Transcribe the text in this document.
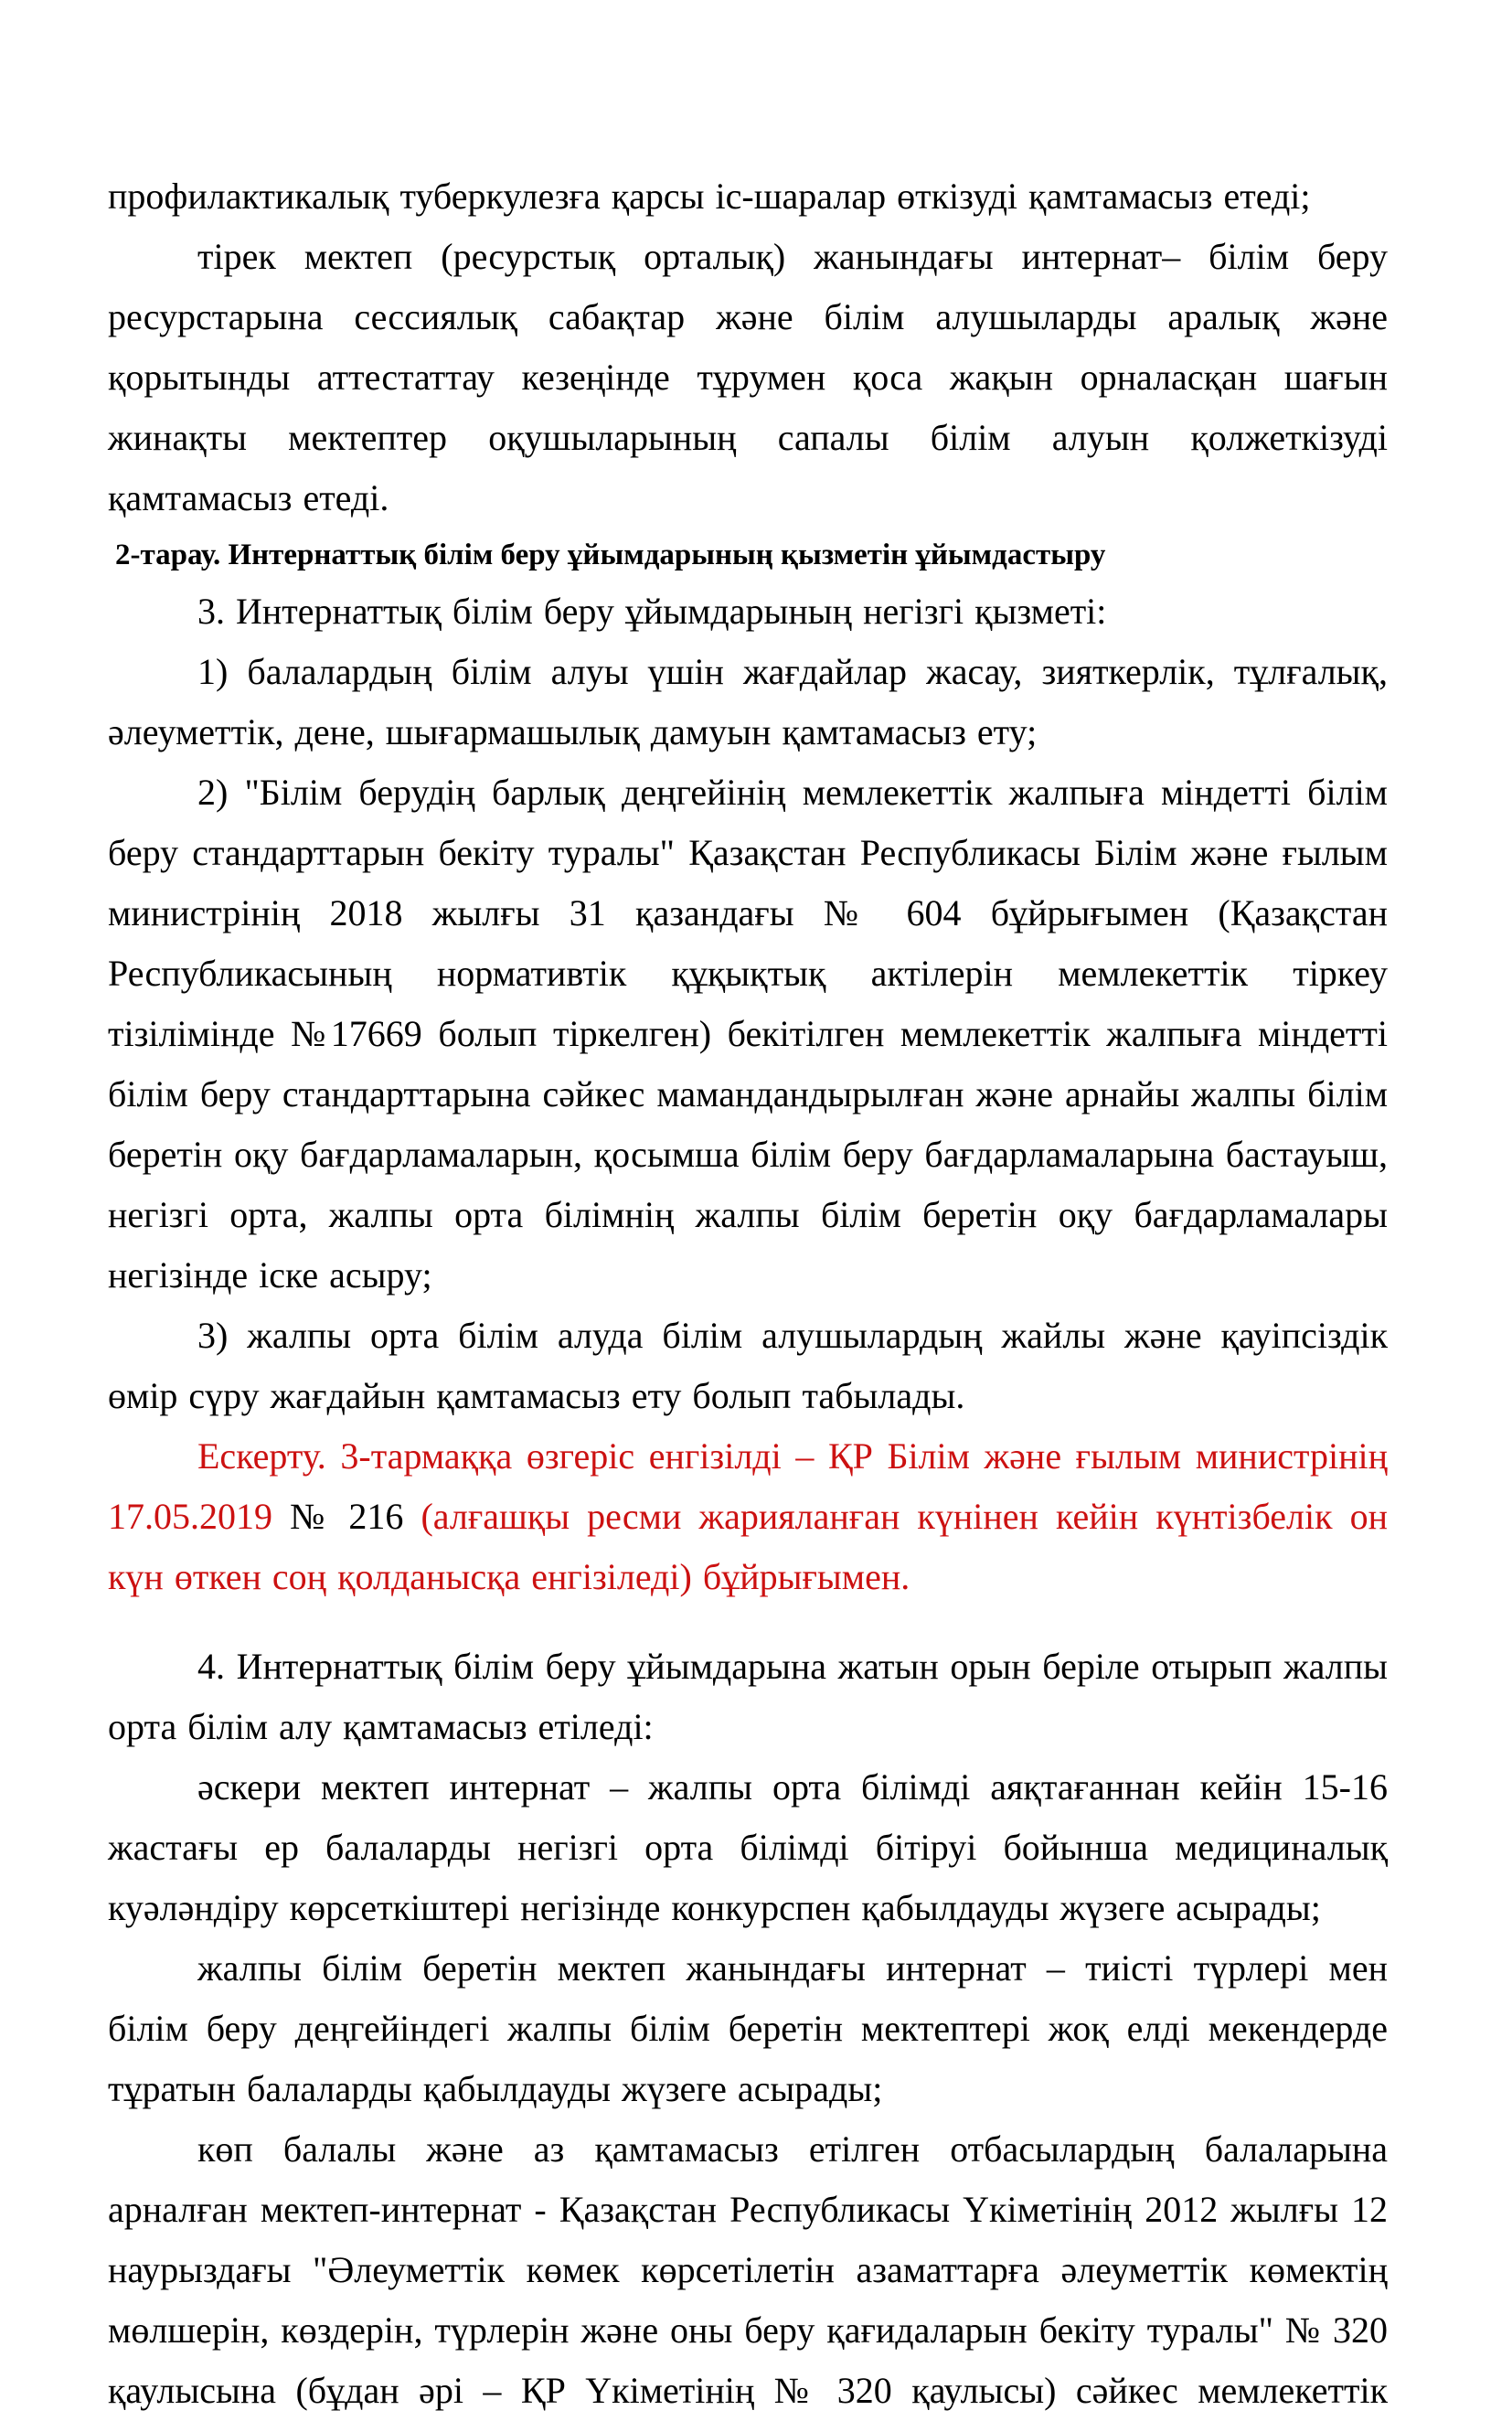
профилактикалық туберкулезға қарсы іс-шаралар өткізуді қамтамасыз етеді;

тірек мектеп (ресурстық орталық) жанындағы интернат– білім беру ресурстарына сессиялық сабақтар және білім алушыларды аралық және қорытынды аттестаттау кезеңінде тұрумен қоса жақын орналасқан шағын жинақты мектептер оқушыларының сапалы білім алуын қолжеткізуді қамтамасыз етеді.

2-тарау. Интернаттық білім беру ұйымдарының қызметін ұйымдастыру

3. Интернаттық білім беру ұйымдарының негізгі қызметі:

1) балалардың білім алуы үшін жағдайлар жасау, зияткерлік, тұлғалық, әлеуметтік, дене, шығармашылық дамуын қамтамасыз ету;

2) "Білім берудің барлық деңгейінің мемлекеттік жалпыға міндетті білім беру стандарттарын бекіту туралы" Қазақстан Республикасы Білім және ғылым министрінің 2018 жылғы 31 қазандағы № 604 бұйрығымен (Қазақстан Республикасының нормативтік құқықтық актілерін мемлекеттік тіркеу тізілімінде №17669 болып тіркелген) бекітілген мемлекеттік жалпыға міндетті білім беру стандарттарына сәйкес мамандандырылған және арнайы жалпы білім беретін оқу бағдарламаларын, қосымша білім беру бағдарламаларына бастауыш, негізгі орта, жалпы орта білімнің жалпы білім беретін оқу бағдарламалары негізінде іске асыру;

3) жалпы орта білім алуда білім алушылардың жайлы және қауіпсіздік өмір сүру жағдайын қамтамасыз ету болып табылады.

Ескерту. 3-тармаққа өзгеріс енгізілді – ҚР Білім және ғылым министрінің 17.05.2019 № 216 (алғашқы ресми жарияланған күнінен кейін күнтізбелік он күн өткен соң қолданысқа енгізіледі) бұйрығымен.

4. Интернаттық білім беру ұйымдарына жатын орын беріле отырып жалпы орта білім алу қамтамасыз етіледі:

әскери мектеп интернат – жалпы орта білімді аяқтағаннан кейін 15-16 жастағы ер балаларды негізгі орта білімді бітіруі бойынша медициналық куәләндіру көрсеткіштері негізінде конкурспен қабылдауды жүзеге асырады;

жалпы білім беретін мектеп жанындағы интернат – тиісті түрлері мен білім беру деңгейіндегі жалпы білім беретін мектептері жоқ елді мекендерде тұратын балаларды қабылдауды жүзеге асырады;

көп балалы және аз қамтамасыз етілген отбасылардың балаларына арналған мектеп-интернат - Қазақстан Республикасы Үкіметінің 2012 жылғы 12 наурыздағы "Әлеуметтік көмек көрсетілетін азаматтарға әлеуметтік көмектің мөлшерін, көздерін, түрлерін және оны беру қағидаларын бекіту туралы" № 320 қаулысына (бұдан әрі – ҚР Үкіметінің № 320 қаулысы) сәйкес мемлекеттік
